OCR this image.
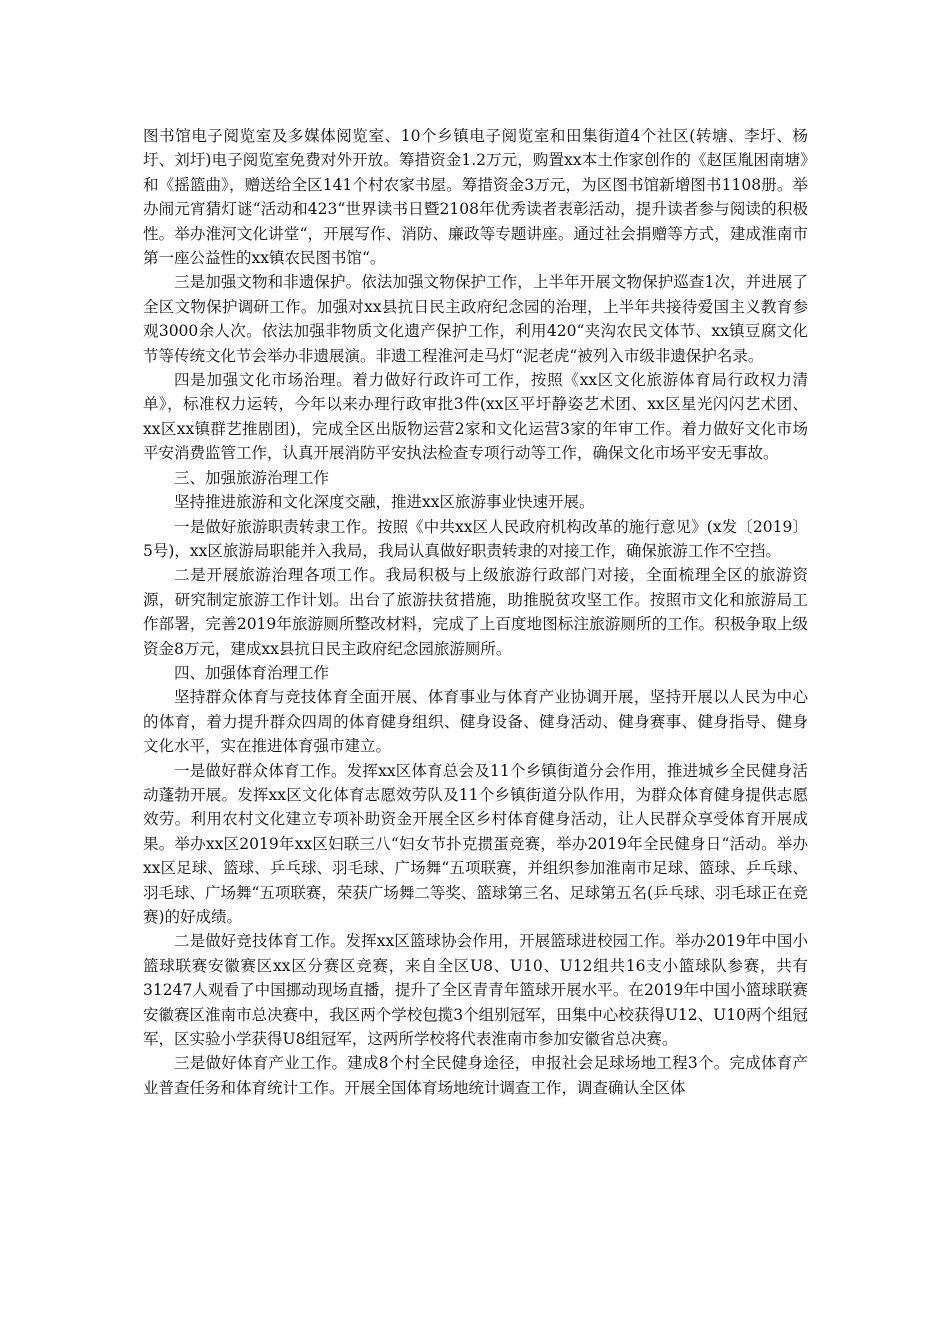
图书馆电子阅览室及多媒体阅览室、10个乡镇电子阅览室和田集街道4个社区(转塘、李圩、杨圩、刘圩)电子阅览室免费对外开放。筹措资金1.2万元，购置xx本土作家创作的《赵匡胤困南塘》和《摇篮曲》，赠送给全区141个村农家书屋。筹措资金3万元，为区图书馆新增图书1108册。举办闹元宵猜灯谜“活动和423“世界读书日暨2108年优秀读者表彰活动，提升读者参与阅读的积极性。举办淮河文化讲堂“，开展写作、消防、廉政等专题讲座。通过社会捐赠等方式，建成淮南市第一座公益性的xx镇农民图书馆“。

三是加强文物和非遗保护。依法加强文物保护工作，上半年开展文物保护巡查1次，并进展了全区文物保护调研工作。加强对xx县抗日民主政府纪念园的治理，上半年共接待爱国主义教育参观3000余人次。依法加强非物质文化遗产保护工作，利用420“夹沟农民文体节、xx镇豆腐文化节等传统文化节会举办非遗展演。非遗工程淮河走马灯“泥老虎“被列入市级非遗保护名录。

四是加强文化市场治理。着力做好行政许可工作，按照《xx区文化旅游体育局行政权力清单》，标准权力运转，今年以来办理行政审批3件(xx区平圩静姿艺术团、xx区星光闪闪艺术团、xx区xx镇群艺推剧团)，完成全区出版物运营2家和文化运营3家的年审工作。着力做好文化市场平安消费监管工作，认真开展消防平安执法检查专项行动等工作，确保文化市场平安无事故。

三、加强旅游治理工作

坚持推进旅游和文化深度交融，推进xx区旅游事业快速开展。

一是做好旅游职责转隶工作。按照《中共xx区人民政府机构改革的施行意见》(x发〔2019〕5号)，xx区旅游局职能并入我局，我局认真做好职责转隶的对接工作，确保旅游工作不空挡。

二是开展旅游治理各项工作。我局积极与上级旅游行政部门对接，全面梳理全区的旅游资源，研究制定旅游工作计划。出台了旅游扶贫措施，助推脱贫攻坚工作。按照市文化和旅游局工作部署，完善2019年旅游厕所整改材料，完成了上百度地图标注旅游厕所的工作。积极争取上级资金8万元，建成xx县抗日民主政府纪念园旅游厕所。

四、加强体育治理工作

坚持群众体育与竞技体育全面开展、体育事业与体育产业协调开展，坚持开展以人民为中心的体育，着力提升群众四周的体育健身组织、健身设备、健身活动、健身赛事、健身指导、健身文化水平，实在推进体育强市建立。

一是做好群众体育工作。发挥xx区体育总会及11个乡镇街道分会作用，推进城乡全民健身活动蓬勃开展。发挥xx区文化体育志愿效劳队及11个乡镇街道分队作用，为群众体育健身提供志愿效劳。利用农村文化建立专项补助资金开展全区乡村体育健身活动，让人民群众享受体育开展成果。举办xx区2019年xx区妇联三八“妇女节扑克掼蛋竞赛，举办2019年全民健身日“活动。举办xx区足球、篮球、乒乓球、羽毛球、广场舞“五项联赛，并组织参加淮南市足球、篮球、乒乓球、羽毛球、广场舞“五项联赛，荣获广场舞二等奖、篮球第三名、足球第五名(乒乓球、羽毛球正在竞赛)的好成绩。

二是做好竞技体育工作。发挥xx区篮球协会作用，开展篮球进校园工作。举办2019年中国小篮球联赛安徽赛区xx区分赛区竞赛，来自全区U8、U10、U12组共16支小篮球队参赛，共有31247人观看了中国挪动现场直播，提升了全区青青年篮球开展水平。在2019年中国小篮球联赛安徽赛区淮南市总决赛中，我区两个学校包揽3个组别冠军，田集中心校获得U12、U10两个组冠军，区实验小学获得U8组冠军，这两所学校将代表淮南市参加安徽省总决赛。

三是做好体育产业工作。建成8个村全民健身途径，申报社会足球场地工程3个。完成体育产业普查任务和体育统计工作。开展全国体育场地统计调查工作，调查确认全区体
